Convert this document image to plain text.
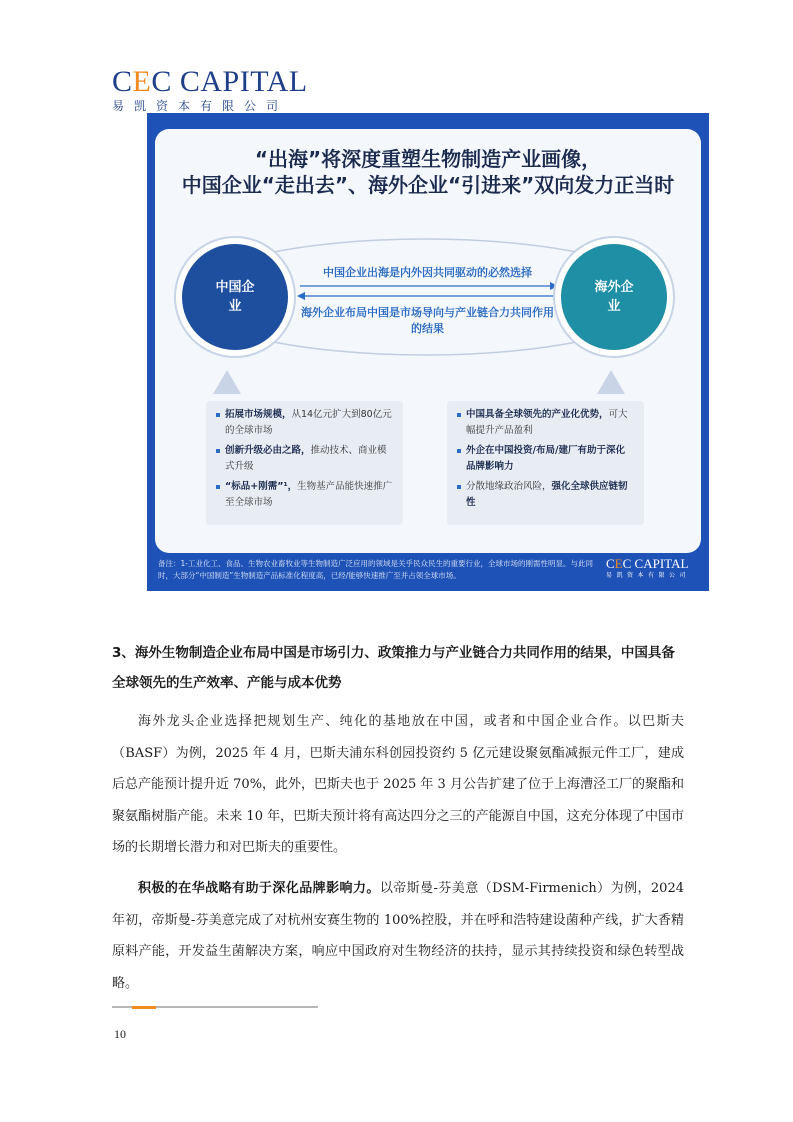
CEC CAPITAL
易凯资本有限公司
“出海”将深度重塑生物制造产业画像，
中国企业“走出去”、海外企业“引进来”双向发力正当时
中国企业
海外企业
中国企业出海是内外因共同驱动的必然选择
海外企业布局中国是市场导向与产业链合力共同作用的结果
拓展市场规模，从14亿元扩大到80亿元的全球市场
创新升级必由之路，推动技术、商业模式升级
“标品+刚需”¹，生物基产品能快速推广至全球市场
中国具备全球领先的产业化优势，可大幅提升产品盈利
外企在中国投资/布局/建厂有助于深化品牌影响力
分散地缘政治风险，强化全球供应链韧性
备注：1-工业化工、食品、生物农业畜牧业等生物制造广泛应用的领域是关乎民众民生的重要行业，全球市场的刚需性明显。与此同时，大部分“中国制造”生物制造产品标准化程度高，已经/能够快速推广至并占领全球市场。
CEC CAPITAL
易凯资本有限公司
3、海外生物制造企业布局中国是市场引力、政策推力与产业链合力共同作用的结果，中国具备全球领先的生产效率、产能与成本优势
海外龙头企业选择把规划生产、纯化的基地放在中国，或者和中国企业合作。以巴斯夫（BASF）为例，2025 年 4 月，巴斯夫浦东科创园投资约 5 亿元建设聚氨酯减振元件工厂，建成后总产能预计提升近 70%，此外，巴斯夫也于 2025 年 3 月公告扩建了位于上海漕泾工厂的聚酯和聚氨酯树脂产能。未来 10 年，巴斯夫预计将有高达四分之三的产能源自中国，这充分体现了中国市场的长期增长潜力和对巴斯夫的重要性。
积极的在华战略有助于深化品牌影响力。以帝斯曼-芬美意（DSM-Firmenich）为例，2024 年初，帝斯曼-芬美意完成了对杭州安赛生物的 100%控股，并在呼和浩特建设菌种产线，扩大香精原料产能，开发益生菌解决方案，响应中国政府对生物经济的扶持，显示其持续投资和绿色转型战略。
10
